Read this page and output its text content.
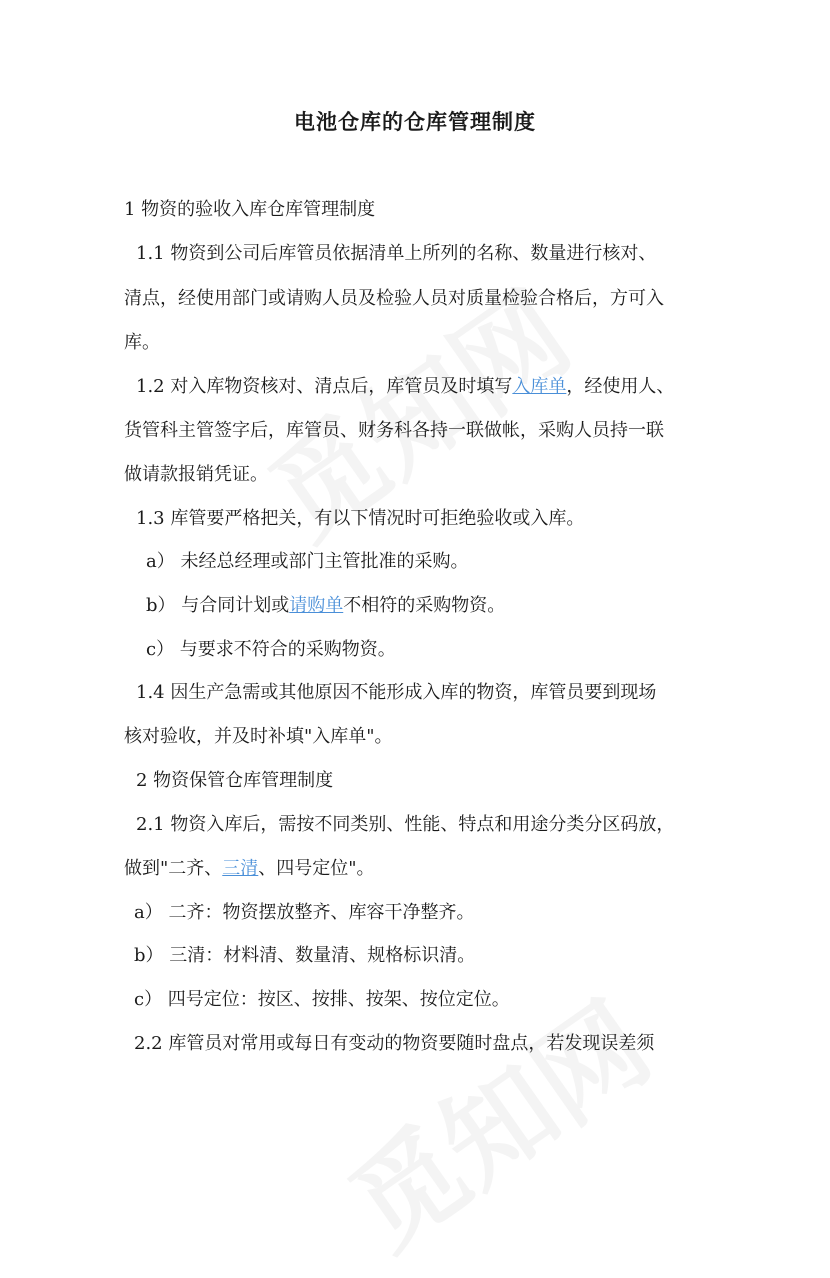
电池仓库的仓库管理制度
1 物资的验收入库仓库管理制度
1.1 物资到公司后库管员依据清单上所列的名称、数量进行核对、
清点，经使用部门或请购人员及检验人员对质量检验合格后，方可入
库。
1.2 对入库物资核对、清点后，库管员及时填写入库单，经使用人、
货管科主管签字后，库管员、财务科各持一联做帐，采购人员持一联
做请款报销凭证。
1.3 库管要严格把关，有以下情况时可拒绝验收或入库。
a） 未经总经理或部门主管批准的采购。
b） 与合同计划或请购单不相符的采购物资。
c） 与要求不符合的采购物资。
1.4 因生产急需或其他原因不能形成入库的物资，库管员要到现场
核对验收，并及时补填"入库单"。
2 物资保管仓库管理制度
2.1 物资入库后，需按不同类别、性能、特点和用途分类分区码放，
做到"二齐、三清、四号定位"。
a） 二齐：物资摆放整齐、库容干净整齐。
b） 三清：材料清、数量清、规格标识清。
c） 四号定位：按区、按排、按架、按位定位。
2.2 库管员对常用或每日有变动的物资要随时盘点，若发现误差须
